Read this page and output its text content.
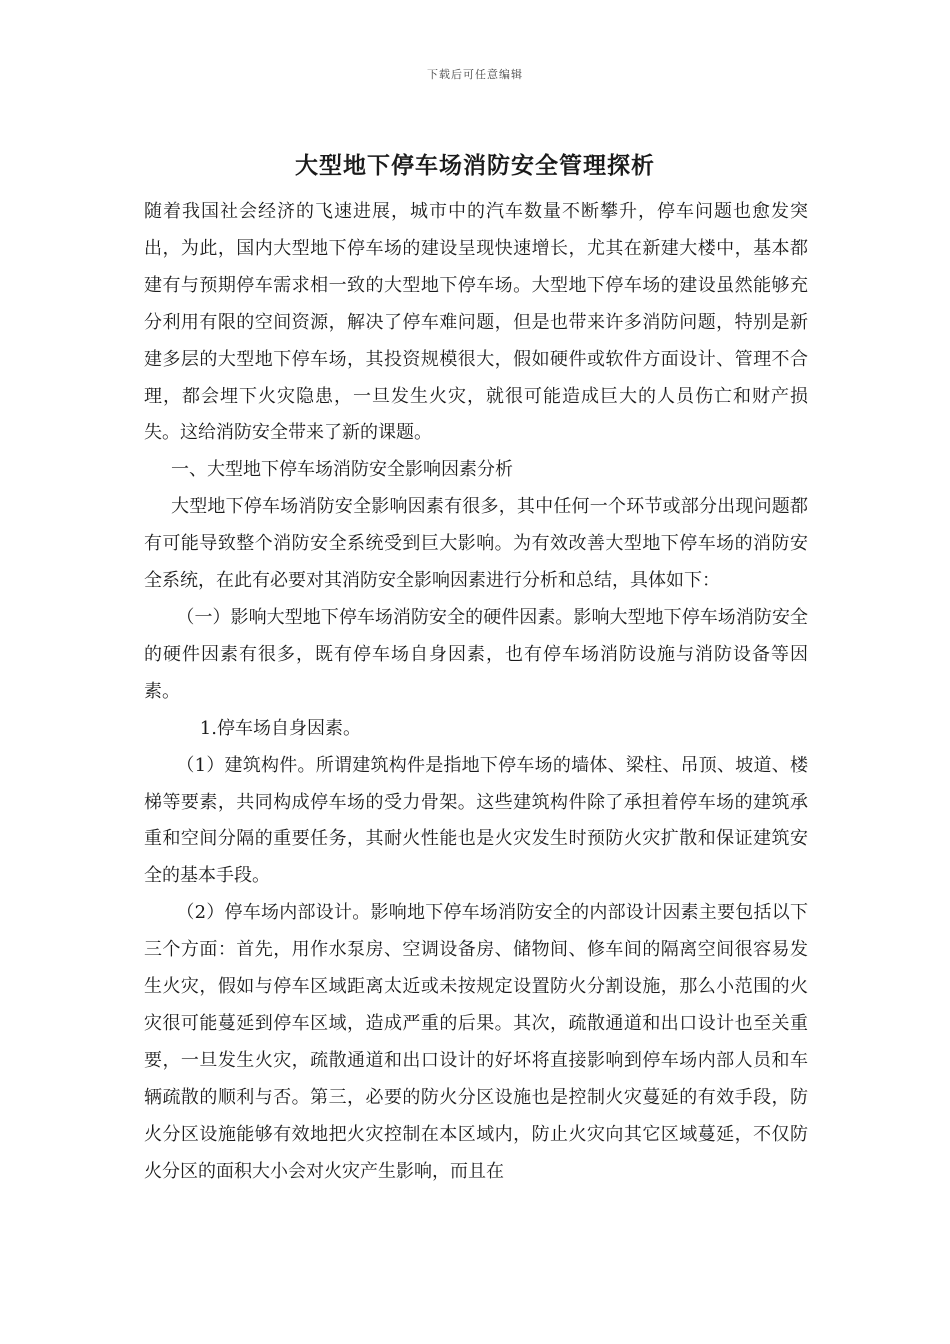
下载后可任意编辑
大型地下停车场消防安全管理探析

随着我国社会经济的飞速进展，城市中的汽车数量不断攀升，停车问题也愈发突出，为此，国内大型地下停车场的建设呈现快速增长，尤其在新建大楼中，基本都建有与预期停车需求相一致的大型地下停车场。大型地下停车场的建设虽然能够充分利用有限的空间资源，解决了停车难问题，但是也带来许多消防问题，特别是新建多层的大型地下停车场，其投资规模很大，假如硬件或软件方面设计、管理不合理，都会埋下火灾隐患，一旦发生火灾，就很可能造成巨大的人员伤亡和财产损失。这给消防安全带来了新的课题。

一、大型地下停车场消防安全影响因素分析

大型地下停车场消防安全影响因素有很多，其中任何一个环节或部分出现问题都有可能导致整个消防安全系统受到巨大影响。为有效改善大型地下停车场的消防安全系统，在此有必要对其消防安全影响因素进行分析和总结，具体如下：

（一）影响大型地下停车场消防安全的硬件因素。影响大型地下停车场消防安全的硬件因素有很多，既有停车场自身因素，也有停车场消防设施与消防设备等因素。

1.停车场自身因素。

（1）建筑构件。所谓建筑构件是指地下停车场的墙体、梁柱、吊顶、坡道、楼梯等要素，共同构成停车场的受力骨架。这些建筑构件除了承担着停车场的建筑承重和空间分隔的重要任务，其耐火性能也是火灾发生时预防火灾扩散和保证建筑安全的基本手段。

（2）停车场内部设计。影响地下停车场消防安全的内部设计因素主要包括以下三个方面：首先，用作水泵房、空调设备房、储物间、修车间的隔离空间很容易发生火灾，假如与停车区域距离太近或未按规定设置防火分割设施，那么小范围的火灾很可能蔓延到停车区域，造成严重的后果。其次，疏散通道和出口设计也至关重要，一旦发生火灾，疏散通道和出口设计的好坏将直接影响到停车场内部人员和车辆疏散的顺利与否。第三，必要的防火分区设施也是控制火灾蔓延的有效手段，防火分区设施能够有效地把火灾控制在本区域内，防止火灾向其它区域蔓延，不仅防火分区的面积大小会对火灾产生影响，而且在
